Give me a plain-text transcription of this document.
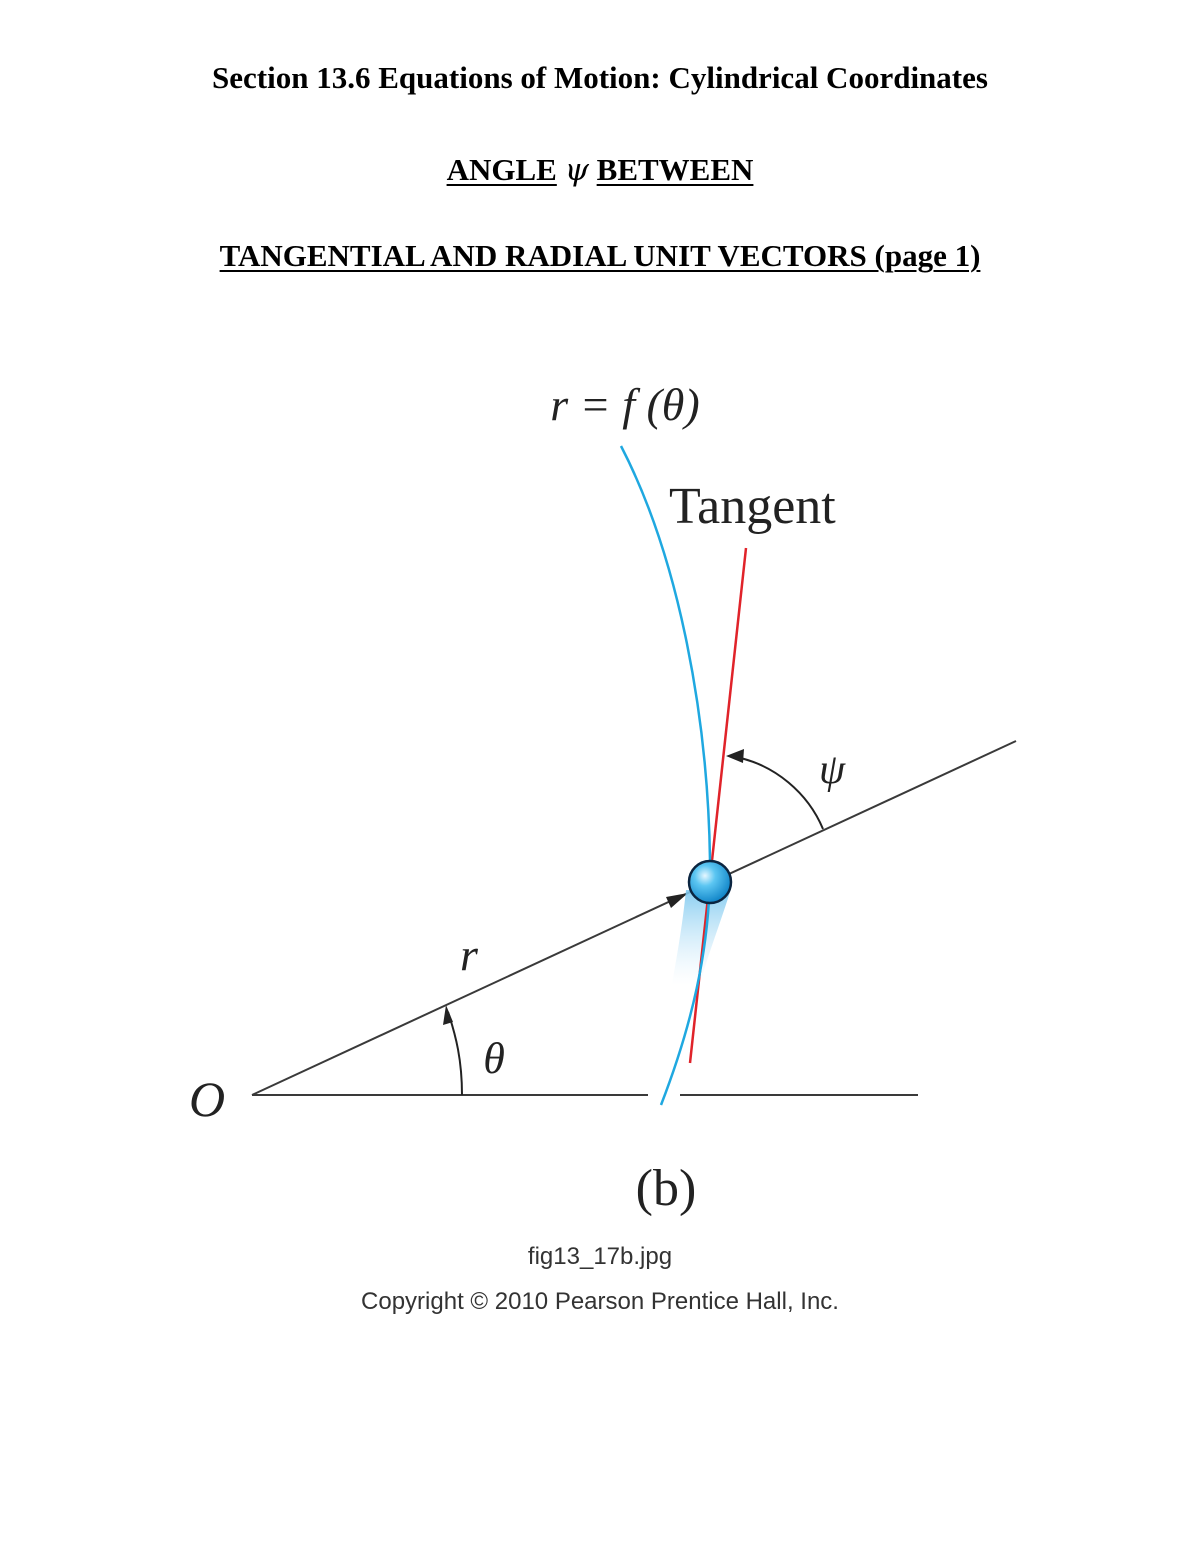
Section 13.6 Equations of Motion: Cylindrical Coordinates
ANGLE ψ BETWEEN
TANGENTIAL AND RADIAL UNIT VECTORS (page 1)
r = f (θ)
Tangent
ψ
r
θ
O
(b)
fig13_17b.jpg
Copyright © 2010 Pearson Prentice Hall, Inc.
